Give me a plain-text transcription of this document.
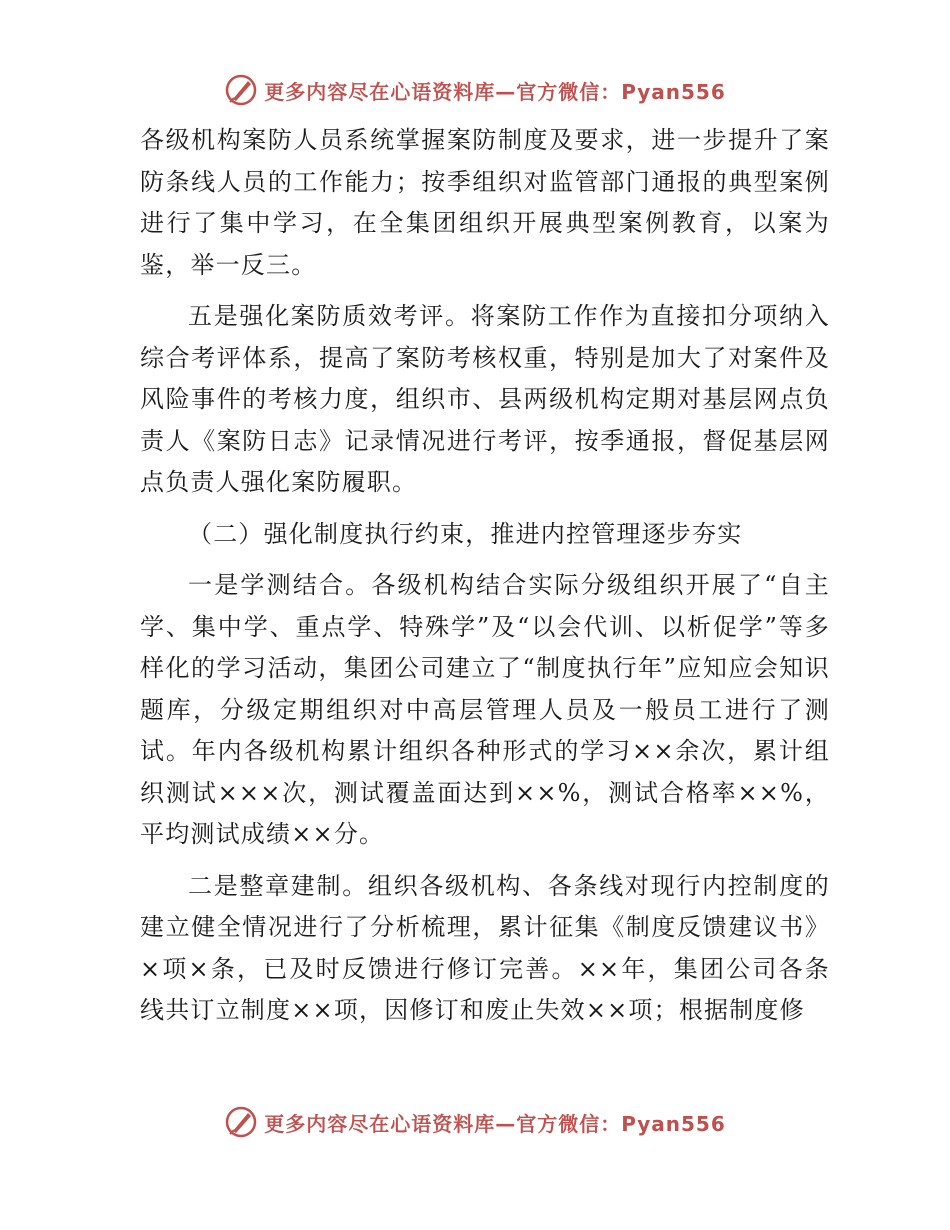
更多内容尽在心语资料库—官方微信：Pyan556

各级机构案防人员系统掌握案防制度及要求，进一步提升了案防条线人员的工作能力；按季组织对监管部门通报的典型案例进行了集中学习，在全集团组织开展典型案例教育，以案为鉴，举一反三。

五是强化案防质效考评。将案防工作作为直接扣分项纳入综合考评体系，提高了案防考核权重，特别是加大了对案件及风险事件的考核力度，组织市、县两级机构定期对基层网点负责人《案防日志》记录情况进行考评，按季通报，督促基层网点负责人强化案防履职。

（二）强化制度执行约束，推进内控管理逐步夯实

一是学测结合。各级机构结合实际分级组织开展了“自主学、集中学、重点学、特殊学”及“以会代训、以析促学”等多样化的学习活动，集团公司建立了“制度执行年”应知应会知识题库，分级定期组织对中高层管理人员及一般员工进行了测试。年内各级机构累计组织各种形式的学习××余次，累计组织测试×××次，测试覆盖面达到××%，测试合格率××%，平均测试成绩××分。

二是整章建制。组织各级机构、各条线对现行内控制度的建立健全情况进行了分析梳理，累计征集《制度反馈建议书》×项×条，已及时反馈进行修订完善。××年，集团公司各条线共订立制度××项，因修订和废止失效××项；根据制度修

更多内容尽在心语资料库—官方微信：Pyan556
